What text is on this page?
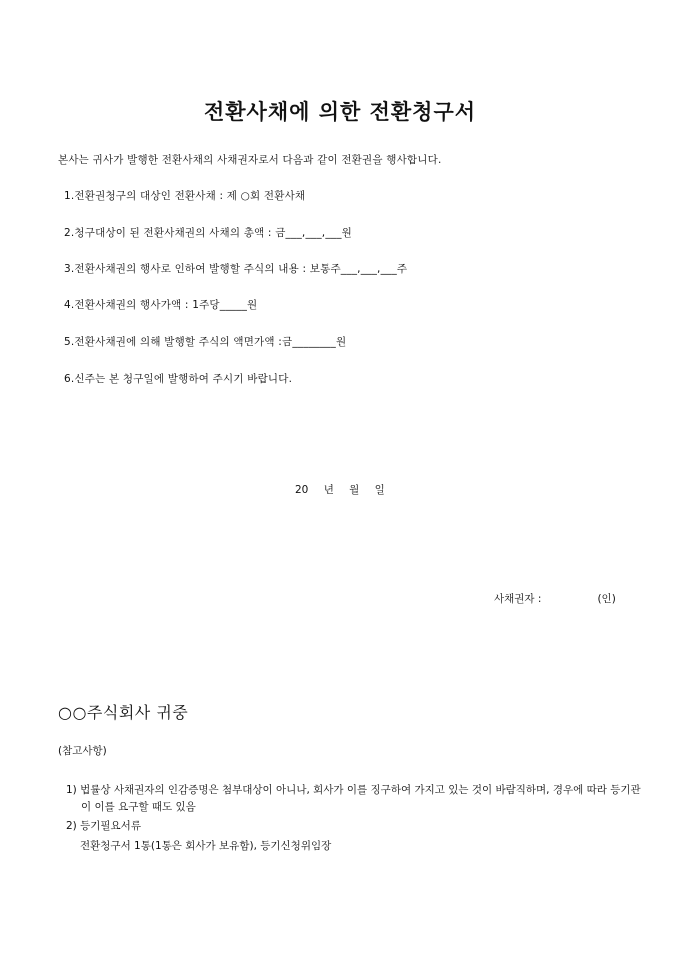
전환사채에 의한 전환청구서
본사는 귀사가 발행한 전환사채의 사채권자로서 다음과 같이 전환권을 행사합니다.
1.전환권청구의 대상인 전환사채 : 제 ○회 전환사채
2.청구대상이 된 전환사채권의 사채의 총액 : 금___,___,___원
3.전환사채권의 행사로 인하여 발행할 주식의 내용 : 보통주___,___,___주
4.전환사채권의 행사가액 : 1주당_____원
5.전환사채권에 의해 발행할 주식의 액면가액 :금________원
6.신주는 본 청구일에 발행하여 주시기 바랍니다.
20 년 월 일
사채권자 :	(인)
○○주식회사 귀중
(참고사항)
1) 법률상 사채권자의 인감증명은 첨부대상이 아니나, 회사가 이를 징구하여 가지고 있는 것이 바람직하며, 경우에 따라 등기관이 이를 요구할 때도 있음
2) 등기필요서류
전환청구서 1통(1통은 회사가 보유함), 등기신청위임장
